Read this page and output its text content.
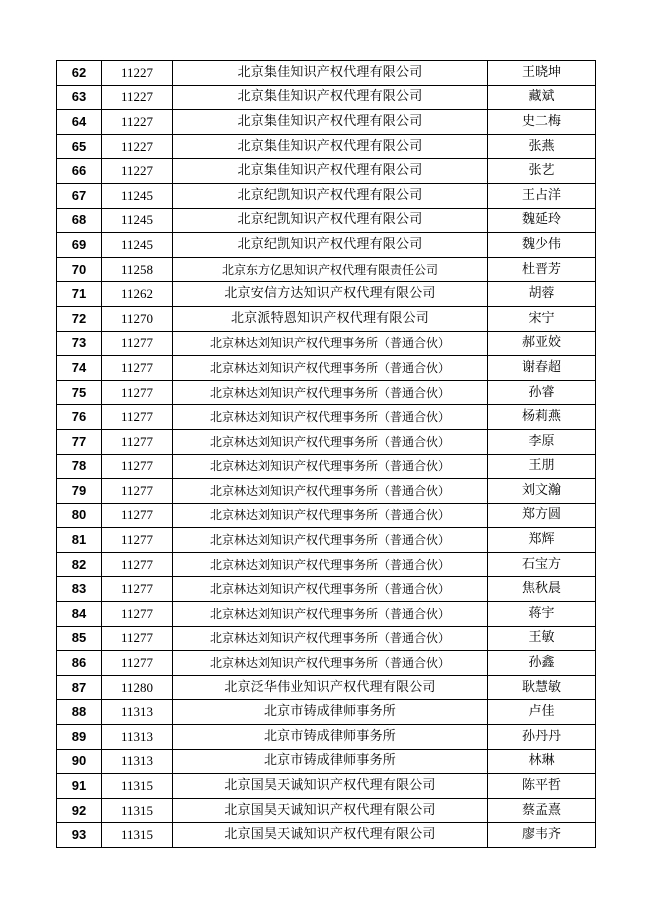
62	11227	北京集佳知识产权代理有限公司	王晓坤
63	11227	北京集佳知识产权代理有限公司	藏斌
64	11227	北京集佳知识产权代理有限公司	史二梅
65	11227	北京集佳知识产权代理有限公司	张燕
66	11227	北京集佳知识产权代理有限公司	张艺
67	11245	北京纪凯知识产权代理有限公司	王占洋
68	11245	北京纪凯知识产权代理有限公司	魏延玲
69	11245	北京纪凯知识产权代理有限公司	魏少伟
70	11258	北京东方亿思知识产权代理有限责任公司	杜晋芳
71	11262	北京安信方达知识产权代理有限公司	胡蓉
72	11270	北京派特恩知识产权代理有限公司	宋宁
73	11277	北京林达刘知识产权代理事务所（普通合伙）	郝亚姣
74	11277	北京林达刘知识产权代理事务所（普通合伙）	谢春超
75	11277	北京林达刘知识产权代理事务所（普通合伙）	孙睿
76	11277	北京林达刘知识产权代理事务所（普通合伙）	杨莉燕
77	11277	北京林达刘知识产权代理事务所（普通合伙）	李原
78	11277	北京林达刘知识产权代理事务所（普通合伙）	王朋
79	11277	北京林达刘知识产权代理事务所（普通合伙）	刘文瀚
80	11277	北京林达刘知识产权代理事务所（普通合伙）	郑方圆
81	11277	北京林达刘知识产权代理事务所（普通合伙）	郑辉
82	11277	北京林达刘知识产权代理事务所（普通合伙）	石宝方
83	11277	北京林达刘知识产权代理事务所（普通合伙）	焦秋晨
84	11277	北京林达刘知识产权代理事务所（普通合伙）	蒋宇
85	11277	北京林达刘知识产权代理事务所（普通合伙）	王敏
86	11277	北京林达刘知识产权代理事务所（普通合伙）	孙鑫
87	11280	北京泛华伟业知识产权代理有限公司	耿慧敏
88	11313	北京市铸成律师事务所	卢佳
89	11313	北京市铸成律师事务所	孙丹丹
90	11313	北京市铸成律师事务所	林琳
91	11315	北京国昊天诚知识产权代理有限公司	陈平哲
92	11315	北京国昊天诚知识产权代理有限公司	蔡孟熹
93	11315	北京国昊天诚知识产权代理有限公司	廖韦齐
